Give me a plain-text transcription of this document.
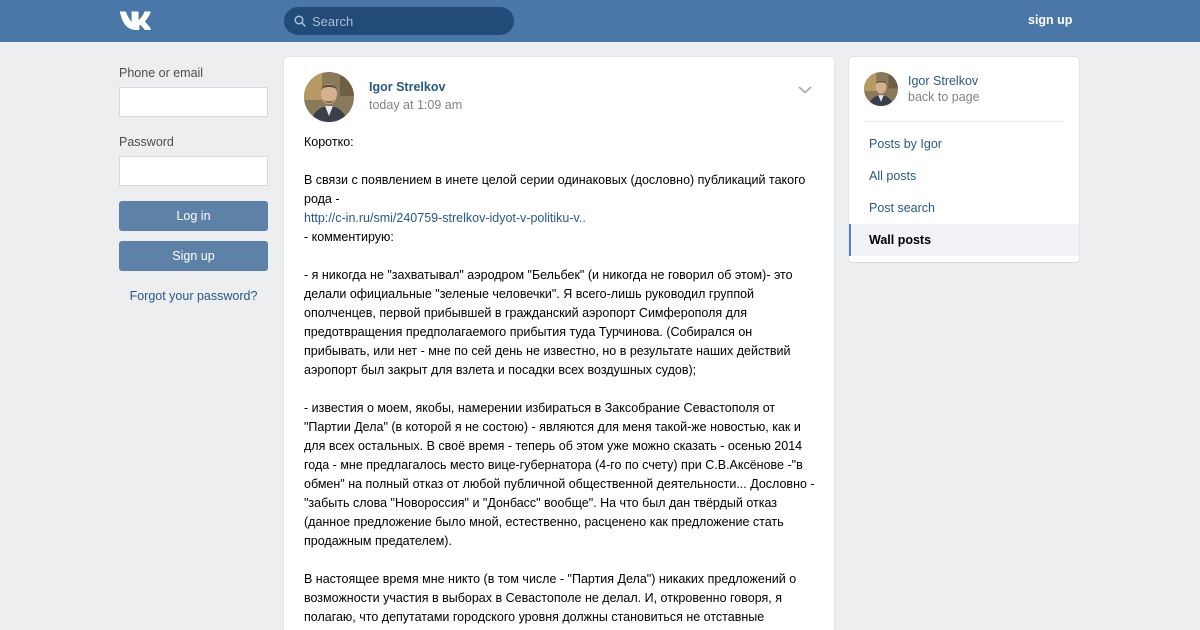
Search
sign up
Phone or email
Password
Log in
Sign up
Forgot your password?
Igor Strelkov
today at 1:09 am

Коротко:

В связи с появлением в инете целой серии одинаковых (дословно) публикаций такого рода -
http://c-in.ru/smi/240759-strelkov-idyot-v-politiku-v..
- комментирую:

- я никогда не "захватывал" аэродром "Бельбек" (и никогда не говорил об этом)- это делали официальные "зеленые человечки". Я всего-лишь руководил группой ополченцев, первой прибывшей в гражданский аэропорт Симферополя для предотвращения предполагаемого прибытия туда Турчинова. (Собирался он прибывать, или нет - мне по сей день не известно, но в результате наших действий аэропорт был закрыт для взлета и посадки всех воздушных судов);

- известия о моем, якобы, намерении избираться в Заксобрание Севастополя от "Партии Дела" (в которой я не состою) - являются для меня такой-же новостью, как и для всех остальных. В своё время - теперь об этом уже можно сказать - осенью 2014 года - мне предлагалось место вице-губернатора (4-го по счету) при С.В.Аксёнове -"в обмен" на полный отказ от любой публичной общественной деятельности... Дословно - "забыть слова "Новороссия" и "Донбасс" вообще". На что был дан твёрдый отказ (данное предложение было мной, естественно, расценено как предложение стать продажным предателем).

В настоящее время мне никто (в том числе - "Партия Дела") никаких предложений о возможности участия в выборах в Севастополе не делал. И, откровенно говоря, я полагаю, что депутатами городского уровня должны становиться не отставные

Igor Strelkov
back to page
Posts by Igor
All posts
Post search
Wall posts
